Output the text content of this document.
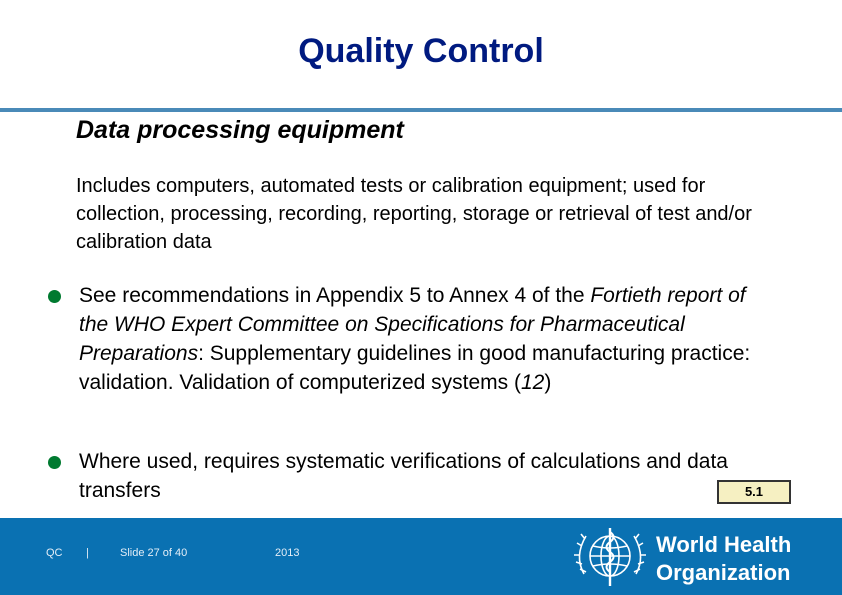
Quality Control
Data processing equipment
Includes computers, automated tests or calibration equipment; used for collection, processing, recording, reporting, storage or retrieval of test and/or calibration data
See recommendations in Appendix 5 to Annex 4 of the Fortieth report of the WHO Expert Committee on Specifications for Pharmaceutical Preparations: Supplementary guidelines in good manufacturing practice: validation. Validation of computerized systems (12)
Where used, requires systematic verifications of calculations and data transfers	5.1
QC |	Slide 27 of 40	2013	World Health
Organization
